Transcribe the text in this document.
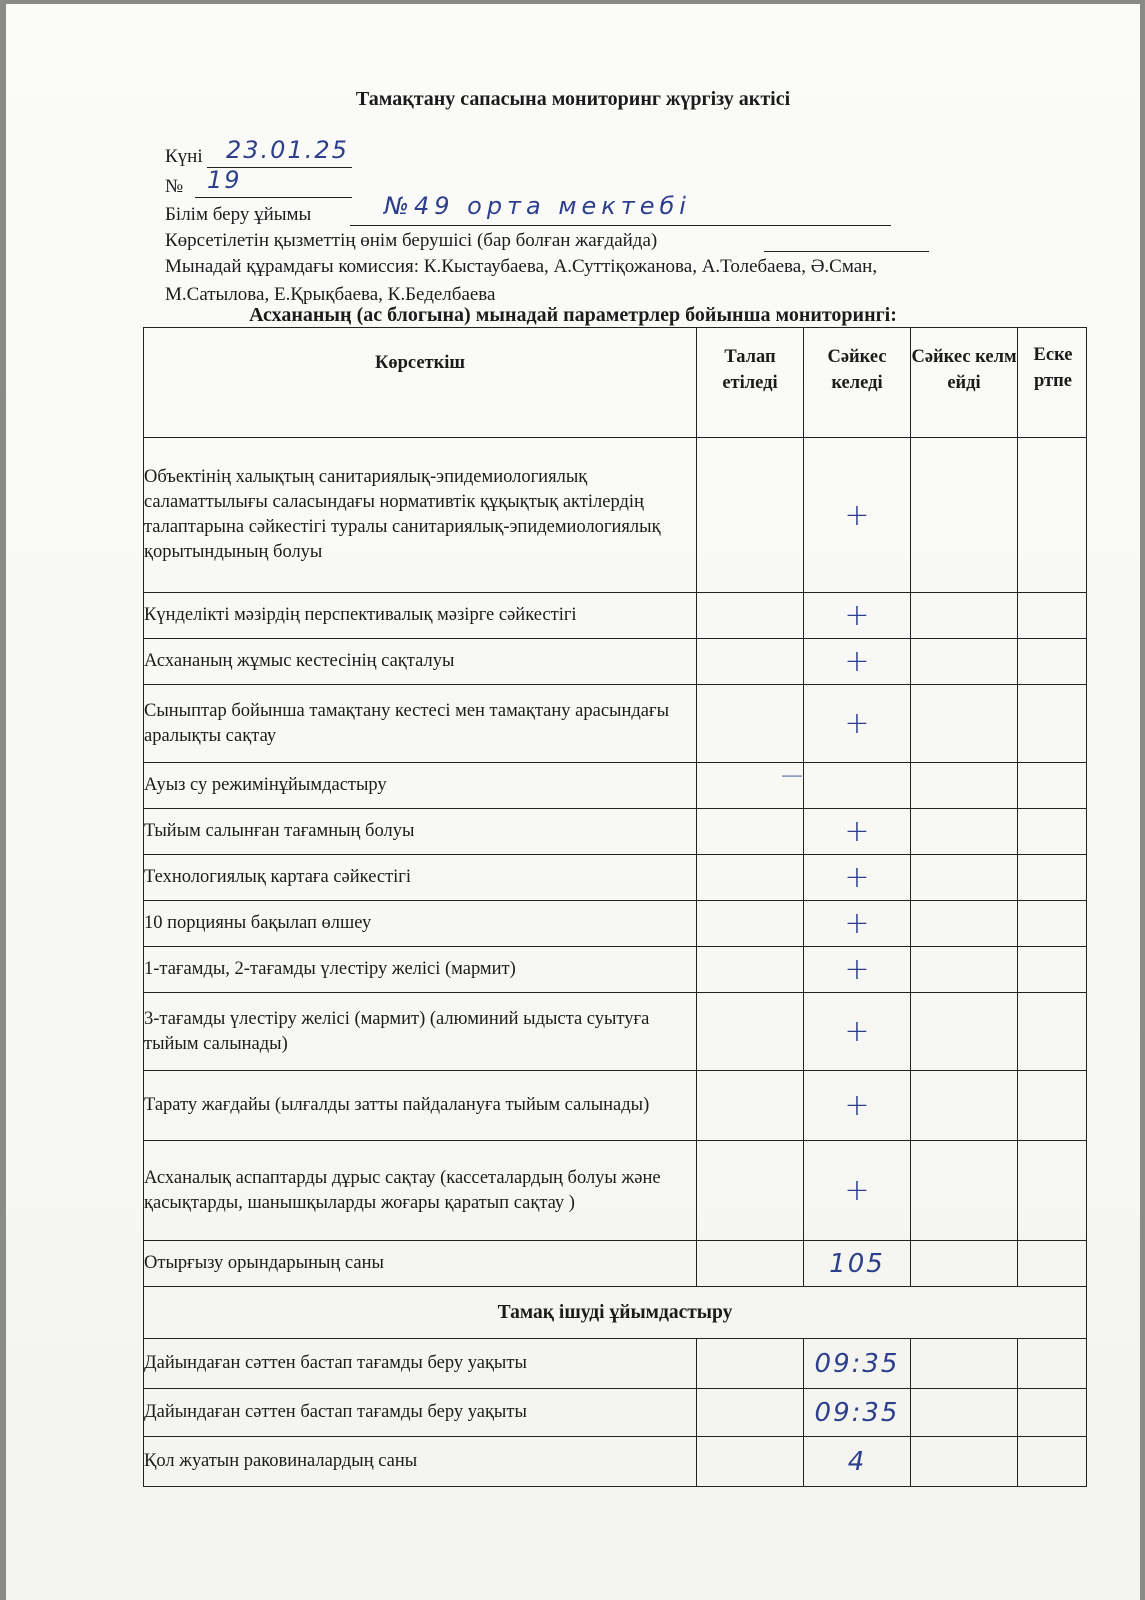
Тамақтану сапасына мониторинг жүргізу актісі
Күні 23.01.25
№ 19
Білім беру ұйымы	№49 орта мектебі
Көрсетілетін қызметтің өнім берушісі (бар болған жағдайда)
Мынадай құрамдағы комиссия: К.Кыстаубаева, А.Суттіқожанова, А.Толебаева, Ә.Сман,
М.Сатылова, Е.Қрықбаева, К.Беделбаева
Асхананың (ас блогына) мынадай параметрлер бойынша мониторингі:
Көрсеткіш	Талап етіледі	Сәйкес келеді	Сәйкес келмейді	Ескертпе
Объектінің халықтың санитариялық-эпидемиологиялық саламаттылығы саласындағы нормативтік құқықтық актілердің талаптарына сәйкестігі туралы санитариялық-эпидемиологиялық қорытындының болуы		+		
Күнделікті мәзірдің перспективалық мәзірге сәйкестігі		+		
Асхананың жұмыс кестесінің сақталуы		+		
Сыныптар бойынша тамақтану кестесі мен тамақтану арасындағы аралықты сақтау		+		
Ауыз су режимінұйымдастыру	—			
Тыйым салынған тағамның болуы		+		
Технологиялық картаға сәйкестігі		+		
10 порцияны бақылап өлшеу		+		
1-тағамды, 2-тағамды үлестіру желісі (мармит)		+		
3-тағамды үлестіру желісі (мармит) (алюминий ыдыста суытуға тыйым салынады)		+		
Тарату жағдайы (ылғалды затты пайдалануға тыйым салынады)		+		
Асханалық аспаптарды дұрыс сақтау (кассеталардың болуы және қасықтарды, шанышқыларды жоғары қаратып сақтау )		+		
Отырғызу орындарының саны		105		
Тамақ ішуді ұйымдастыру				
Дайындаған сәттен бастап тағамды беру уақыты		09:35		
Дайындаған сәттен бастап тағамды беру уақыты		09:35		
Қол жуатын раковиналардың саны		4		
